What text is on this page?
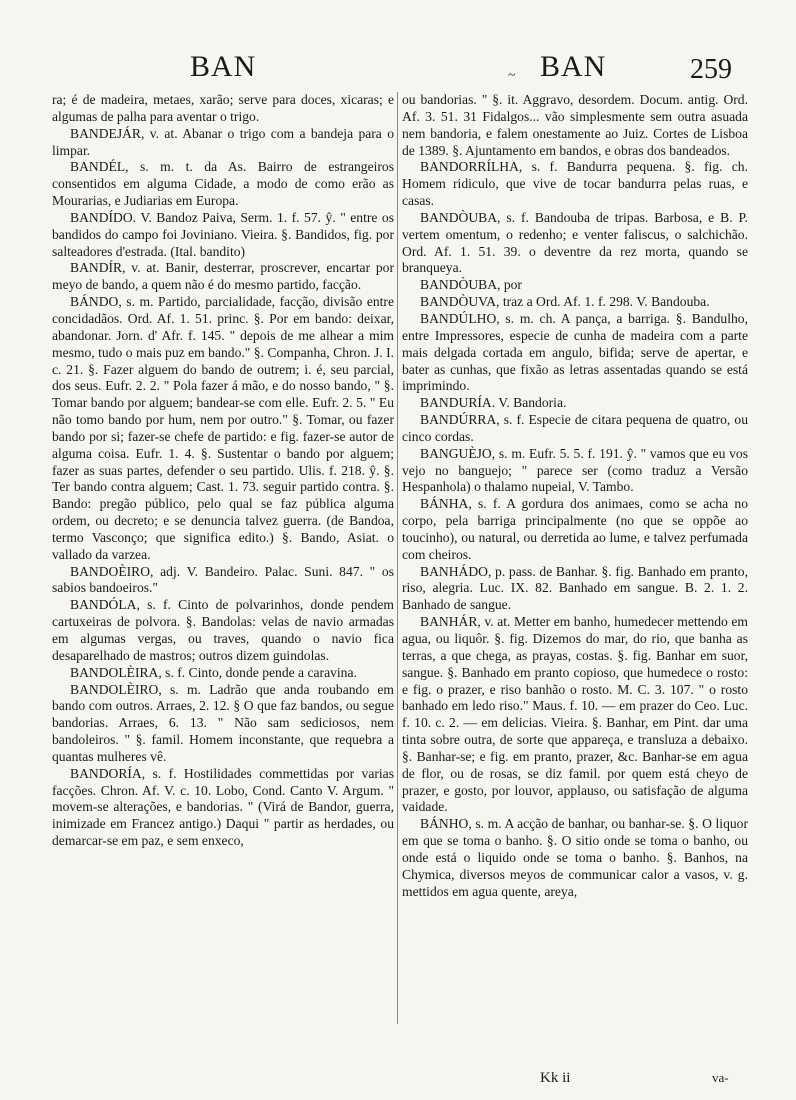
BAN	~ BAN	259

ra; é de madeira, metaes, xarão; serve para doces, xicaras; e algumas de palha para aventar o trigo.

BANDEJÁR, v. at. Abanar o trigo com a bandeja para o limpar.

BANDÉL, s. m. t. da As. Bairro de estrangeiros consentidos em alguma Cidade, a modo de como erão as Mourarias, e Judiarias em Europa.

BANDÍDO. V. Bandoz Paiva, Serm. 1. f. 57. ŷ. " entre os bandidos do campo foi Joviniano. Vieira. §. Bandidos, fig. por salteadores d'estrada. (Ital. bandito)

BANDÍR, v. at. Banir, desterrar, proscrever, encartar por meyo de bando, a quem não é do mesmo partido, facção.

BÁNDO, s. m. Partido, parcialidade, facção, divisão entre concidadãos. Ord. Af. 1. 51. princ. §. Por em bando: deixar, abandonar. Jorn. d' Afr. f. 145. " depois de me alhear a mim mesmo, tudo o mais puz em bando." §. Companha, Chron. J. I. c. 21. §. Fazer alguem do bando de outrem; i. é, seu parcial, dos seus. Eufr. 2. 2. " Pola fazer á mão, e do nosso bando, " §. Tomar bando por alguem; bandear-se com elle. Eufr. 2. 5. " Eu não tomo bando por hum, nem por outro." §. Tomar, ou fazer bando por si; fazer-se chefe de partido: e fig. fazer-se autor de alguma coisa. Eufr. 1. 4. §. Sustentar o bando por alguem; fazer as suas partes, defender o seu partido. Ulis. f. 218. ŷ. §. Ter bando contra alguem; Cast. 1. 73. seguir partido contra. §. Bando: pregão público, pelo qual se faz pública alguma ordem, ou decreto; e se denuncia talvez guerra. (de Bandoa, termo Vasconço; que significa edito.) §. Bando, Asiat. o vallado da varzea.

BANDOÈIRO, adj. V. Bandeiro. Palac. Suni. 847. " os sabios bandoeiros."

BANDÓLA, s. f. Cinto de polvarinhos, donde pendem cartuxeiras de polvora. §. Bandolas: velas de navio armadas em algumas vergas, ou traves, quando o navio fica desaparelhado de mastros; outros dizem guindolas.

BANDOLÈIRA, s. f. Cinto, donde pende a caravina.

BANDOLÈIRO, s. m. Ladrão que anda roubando em bando com outros. Arraes, 2. 12. § O que faz bandos, ou segue bandorias. Arraes, 6. 13. " Não sam sediciosos, nem bandoleiros. " §. famil. Homem inconstante, que requebra a quantas mulheres vê.

BANDORÍA, s. f. Hostilidades commettidas por varias facções. Chron. Af. V. c. 10. Lobo, Cond. Canto V. Argum. " movem-se alterações, e bandorias. " (Virá de Bandor, guerra, inimizade em Francez antigo.) Daqui " partir as herdades, ou demarcar-se em paz, e sem enxeco,

ou bandorias. " §. it. Aggravo, desordem. Docum. antig. Ord. Af. 3. 51. 31 Fidalgos... vão simplesmente sem outra asuada nem bandoria, e falem onestamente ao Juiz. Cortes de Lisboa de 1389. §. Ajuntamento em bandos, e obras dos bandeados.

BANDORRÍLHA, s. f. Bandurra pequena. §. fig. ch. Homem ridiculo, que vive de tocar bandurra pelas ruas, e casas.

BANDÒUBA, s. f. Bandouba de tripas. Barbosa, e B. P. vertem omentum, o redenho; e venter faliscus, o salchichão. Ord. Af. 1. 51. 39. o deventre da rez morta, quando se branqueya.

BANDÒUBA, por

BANDÒUVA, traz a Ord. Af. 1. f. 298. V. Bandouba.

BANDÚLHO, s. m. ch. A pança, a barriga. §. Bandulho, entre Impressores, especie de cunha de madeira com a parte mais delgada cortada em angulo, bifida; serve de apertar, e bater as cunhas, que fixão as letras assentadas quando se está imprimindo.

BANDURÍA. V. Bandoria.

BANDÚRRA, s. f. Especie de citara pequena de quatro, ou cinco cordas.

BANGUÈJO, s. m. Eufr. 5. 5. f. 191. ŷ. " vamos que eu vos vejo no banguejo; " parece ser (como traduz a Versão Hespanhola) o thalamo nupeial, V. Tambo.

BÁNHA, s. f. A gordura dos animaes, como se acha no corpo, pela barriga principalmente (no que se oppõe ao toucinho), ou natural, ou derretida ao lume, e talvez perfumada com cheiros.

BANHÁDO, p. pass. de Banhar. §. fig. Banhado em pranto, riso, alegria. Luc. IX. 82. Banhado em sangue. B. 2. 1. 2. Banhado de sangue.

BANHÁR, v. at. Metter em banho, humedecer mettendo em agua, ou liquôr. §. fig. Dizemos do mar, do rio, que banha as terras, a que chega, as prayas, costas. §. fig. Banhar em suor, sangue. §. Banhado em pranto copioso, que humedece o rosto: e fig. o prazer, e riso banhão o rosto. M. C. 3. 107. " o rosto banhado em ledo riso." Maus. f. 10. — em prazer do Ceo. Luc. f. 10. c. 2. — em delicias. Vieira. §. Banhar, em Pint. dar uma tinta sobre outra, de sorte que appareça, e transluza a debaixo. §. Banhar-se; e fig. em pranto, prazer, &c. Banhar-se em agua de flor, ou de rosas, se diz famil. por quem está cheyo de prazer, e gosto, por louvor, applauso, ou satisfação de alguma vaidade.

BÁNHO, s. m. A acção de banhar, ou banhar-se. §. O liquor em que se toma o banho. §. O sitio onde se toma o banho, ou onde está o liquido onde se toma o banho. §. Banhos, na Chymica, diversos meyos de communicar calor a vasos, v. g. mettidos em agua quente, areya,

Kk ii	va-
